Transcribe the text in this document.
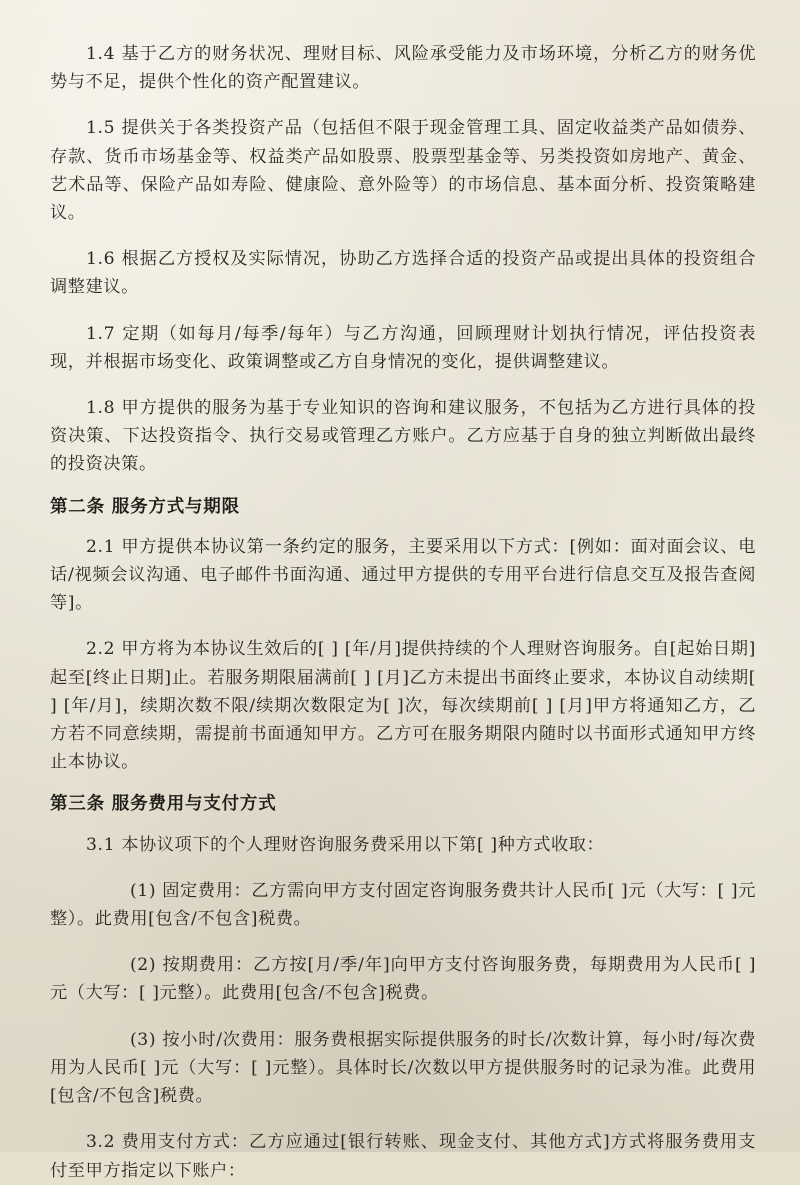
1.4 基于乙方的财务状况、理财目标、风险承受能力及市场环境，分析乙方的财务优势与不足，提供个性化的资产配置建议。

1.5 提供关于各类投资产品（包括但不限于现金管理工具、固定收益类产品如债券、存款、货币市场基金等、权益类产品如股票、股票型基金等、另类投资如房地产、黄金、艺术品等、保险产品如寿险、健康险、意外险等）的市场信息、基本面分析、投资策略建议。

1.6 根据乙方授权及实际情况，协助乙方选择合适的投资产品或提出具体的投资组合调整建议。

1.7 定期（如每月/每季/每年）与乙方沟通，回顾理财计划执行情况，评估投资表现，并根据市场变化、政策调整或乙方自身情况的变化，提供调整建议。

1.8 甲方提供的服务为基于专业知识的咨询和建议服务，不包括为乙方进行具体的投资决策、下达投资指令、执行交易或管理乙方账户。乙方应基于自身的独立判断做出最终的投资决策。

第二条 服务方式与期限

2.1 甲方提供本协议第一条约定的服务，主要采用以下方式：[例如：面对面会议、电话/视频会议沟通、电子邮件书面沟通、通过甲方提供的专用平台进行信息交互及报告查阅等]。

2.2 甲方将为本协议生效后的[ ] [年/月]提供持续的个人理财咨询服务。自[起始日期]起至[终止日期]止。若服务期限届满前[ ] [月]乙方未提出书面终止要求，本协议自动续期[ ] [年/月]，续期次数不限/续期次数限定为[ ]次，每次续期前[ ] [月]甲方将通知乙方，乙方若不同意续期，需提前书面通知甲方。乙方可在服务期限内随时以书面形式通知甲方终止本协议。

第三条 服务费用与支付方式

3.1 本协议项下的个人理财咨询服务费采用以下第[ ]种方式收取：

(1) 固定费用：乙方需向甲方支付固定咨询服务费共计人民币[ ]元（大写：[ ]元整）。此费用[包含/不包含]税费。

(2) 按期费用：乙方按[月/季/年]向甲方支付咨询服务费，每期费用为人民币[ ]元（大写：[ ]元整）。此费用[包含/不包含]税费。

(3) 按小时/次费用：服务费根据实际提供服务的时长/次数计算，每小时/每次费用为人民币[ ]元（大写：[ ]元整）。具体时长/次数以甲方提供服务时的记录为准。此费用[包含/不包含]税费。

3.2 费用支付方式：乙方应通过[银行转账、现金支付、其他方式]方式将服务费用支付至甲方指定以下账户：
